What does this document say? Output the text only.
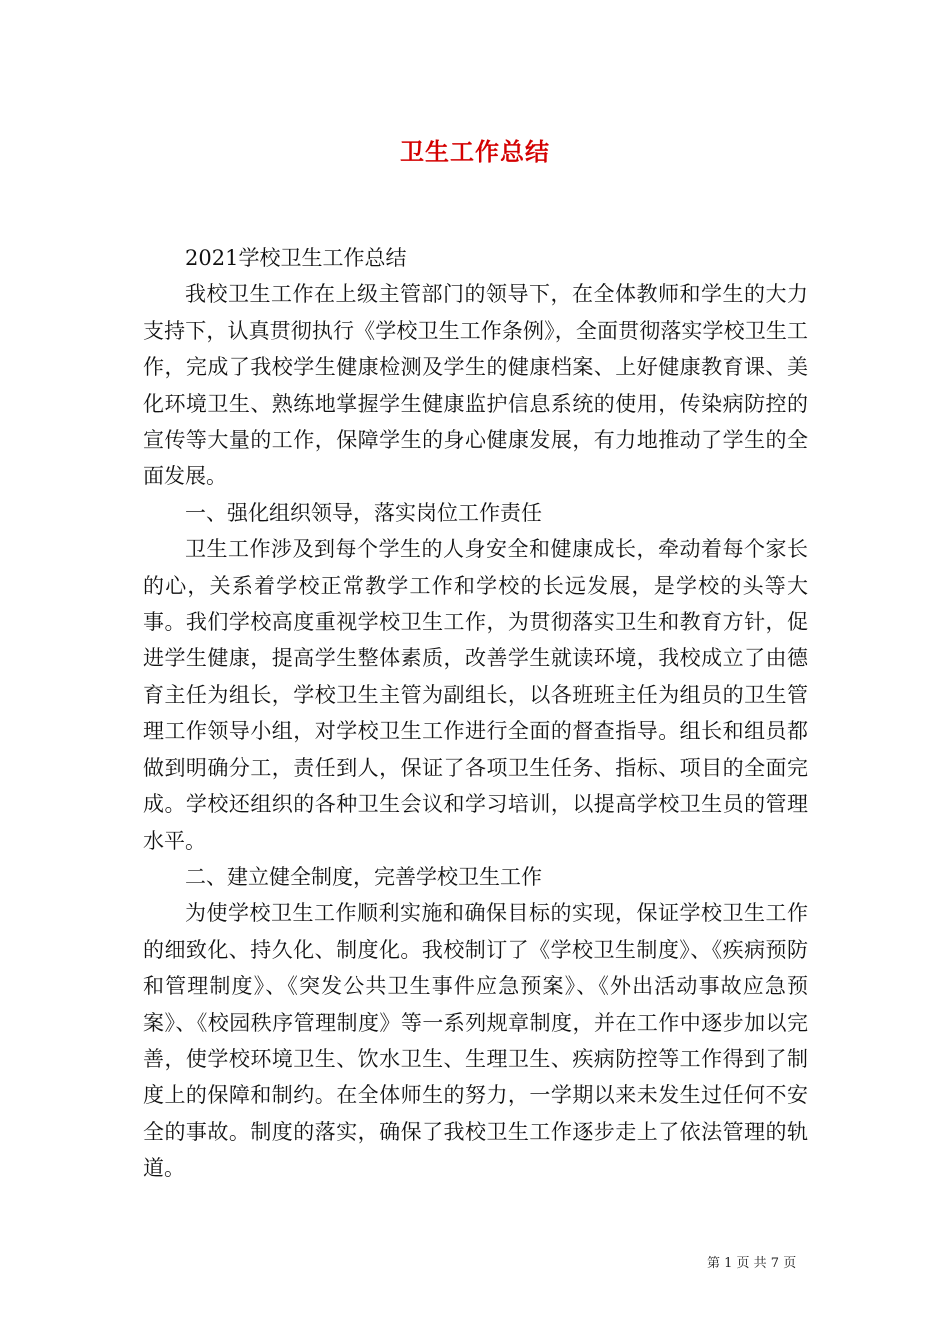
卫生工作总结

2021学校卫生工作总结

我校卫生工作在上级主管部门的领导下，在全体教师和学生的大力支持下，认真贯彻执行《学校卫生工作条例》，全面贯彻落实学校卫生工作，完成了我校学生健康检测及学生的健康档案、上好健康教育课、美化环境卫生、熟练地掌握学生健康监护信息系统的使用，传染病防控的宣传等大量的工作，保障学生的身心健康发展，有力地推动了学生的全面发展。

一、强化组织领导，落实岗位工作责任

卫生工作涉及到每个学生的人身安全和健康成长，牵动着每个家长的心，关系着学校正常教学工作和学校的长远发展，是学校的头等大事。我们学校高度重视学校卫生工作，为贯彻落实卫生和教育方针，促进学生健康，提高学生整体素质，改善学生就读环境，我校成立了由德育主任为组长，学校卫生主管为副组长，以各班班主任为组员的卫生管理工作领导小组，对学校卫生工作进行全面的督查指导。组长和组员都做到明确分工，责任到人，保证了各项卫生任务、指标、项目的全面完成。学校还组织的各种卫生会议和学习培训，以提高学校卫生员的管理水平。

二、建立健全制度，完善学校卫生工作

为使学校卫生工作顺利实施和确保目标的实现，保证学校卫生工作的细致化、持久化、制度化。我校制订了《学校卫生制度》、《疾病预防和管理制度》、《突发公共卫生事件应急预案》、《外出活动事故应急预案》、《校园秩序管理制度》等一系列规章制度，并在工作中逐步加以完善，使学校环境卫生、饮水卫生、生理卫生、疾病防控等工作得到了制度上的保障和制约。在全体师生的努力，一学期以来未发生过任何不安全的事故。制度的落实，确保了我校卫生工作逐步走上了依法管理的轨道。

第 1 页 共 7 页
